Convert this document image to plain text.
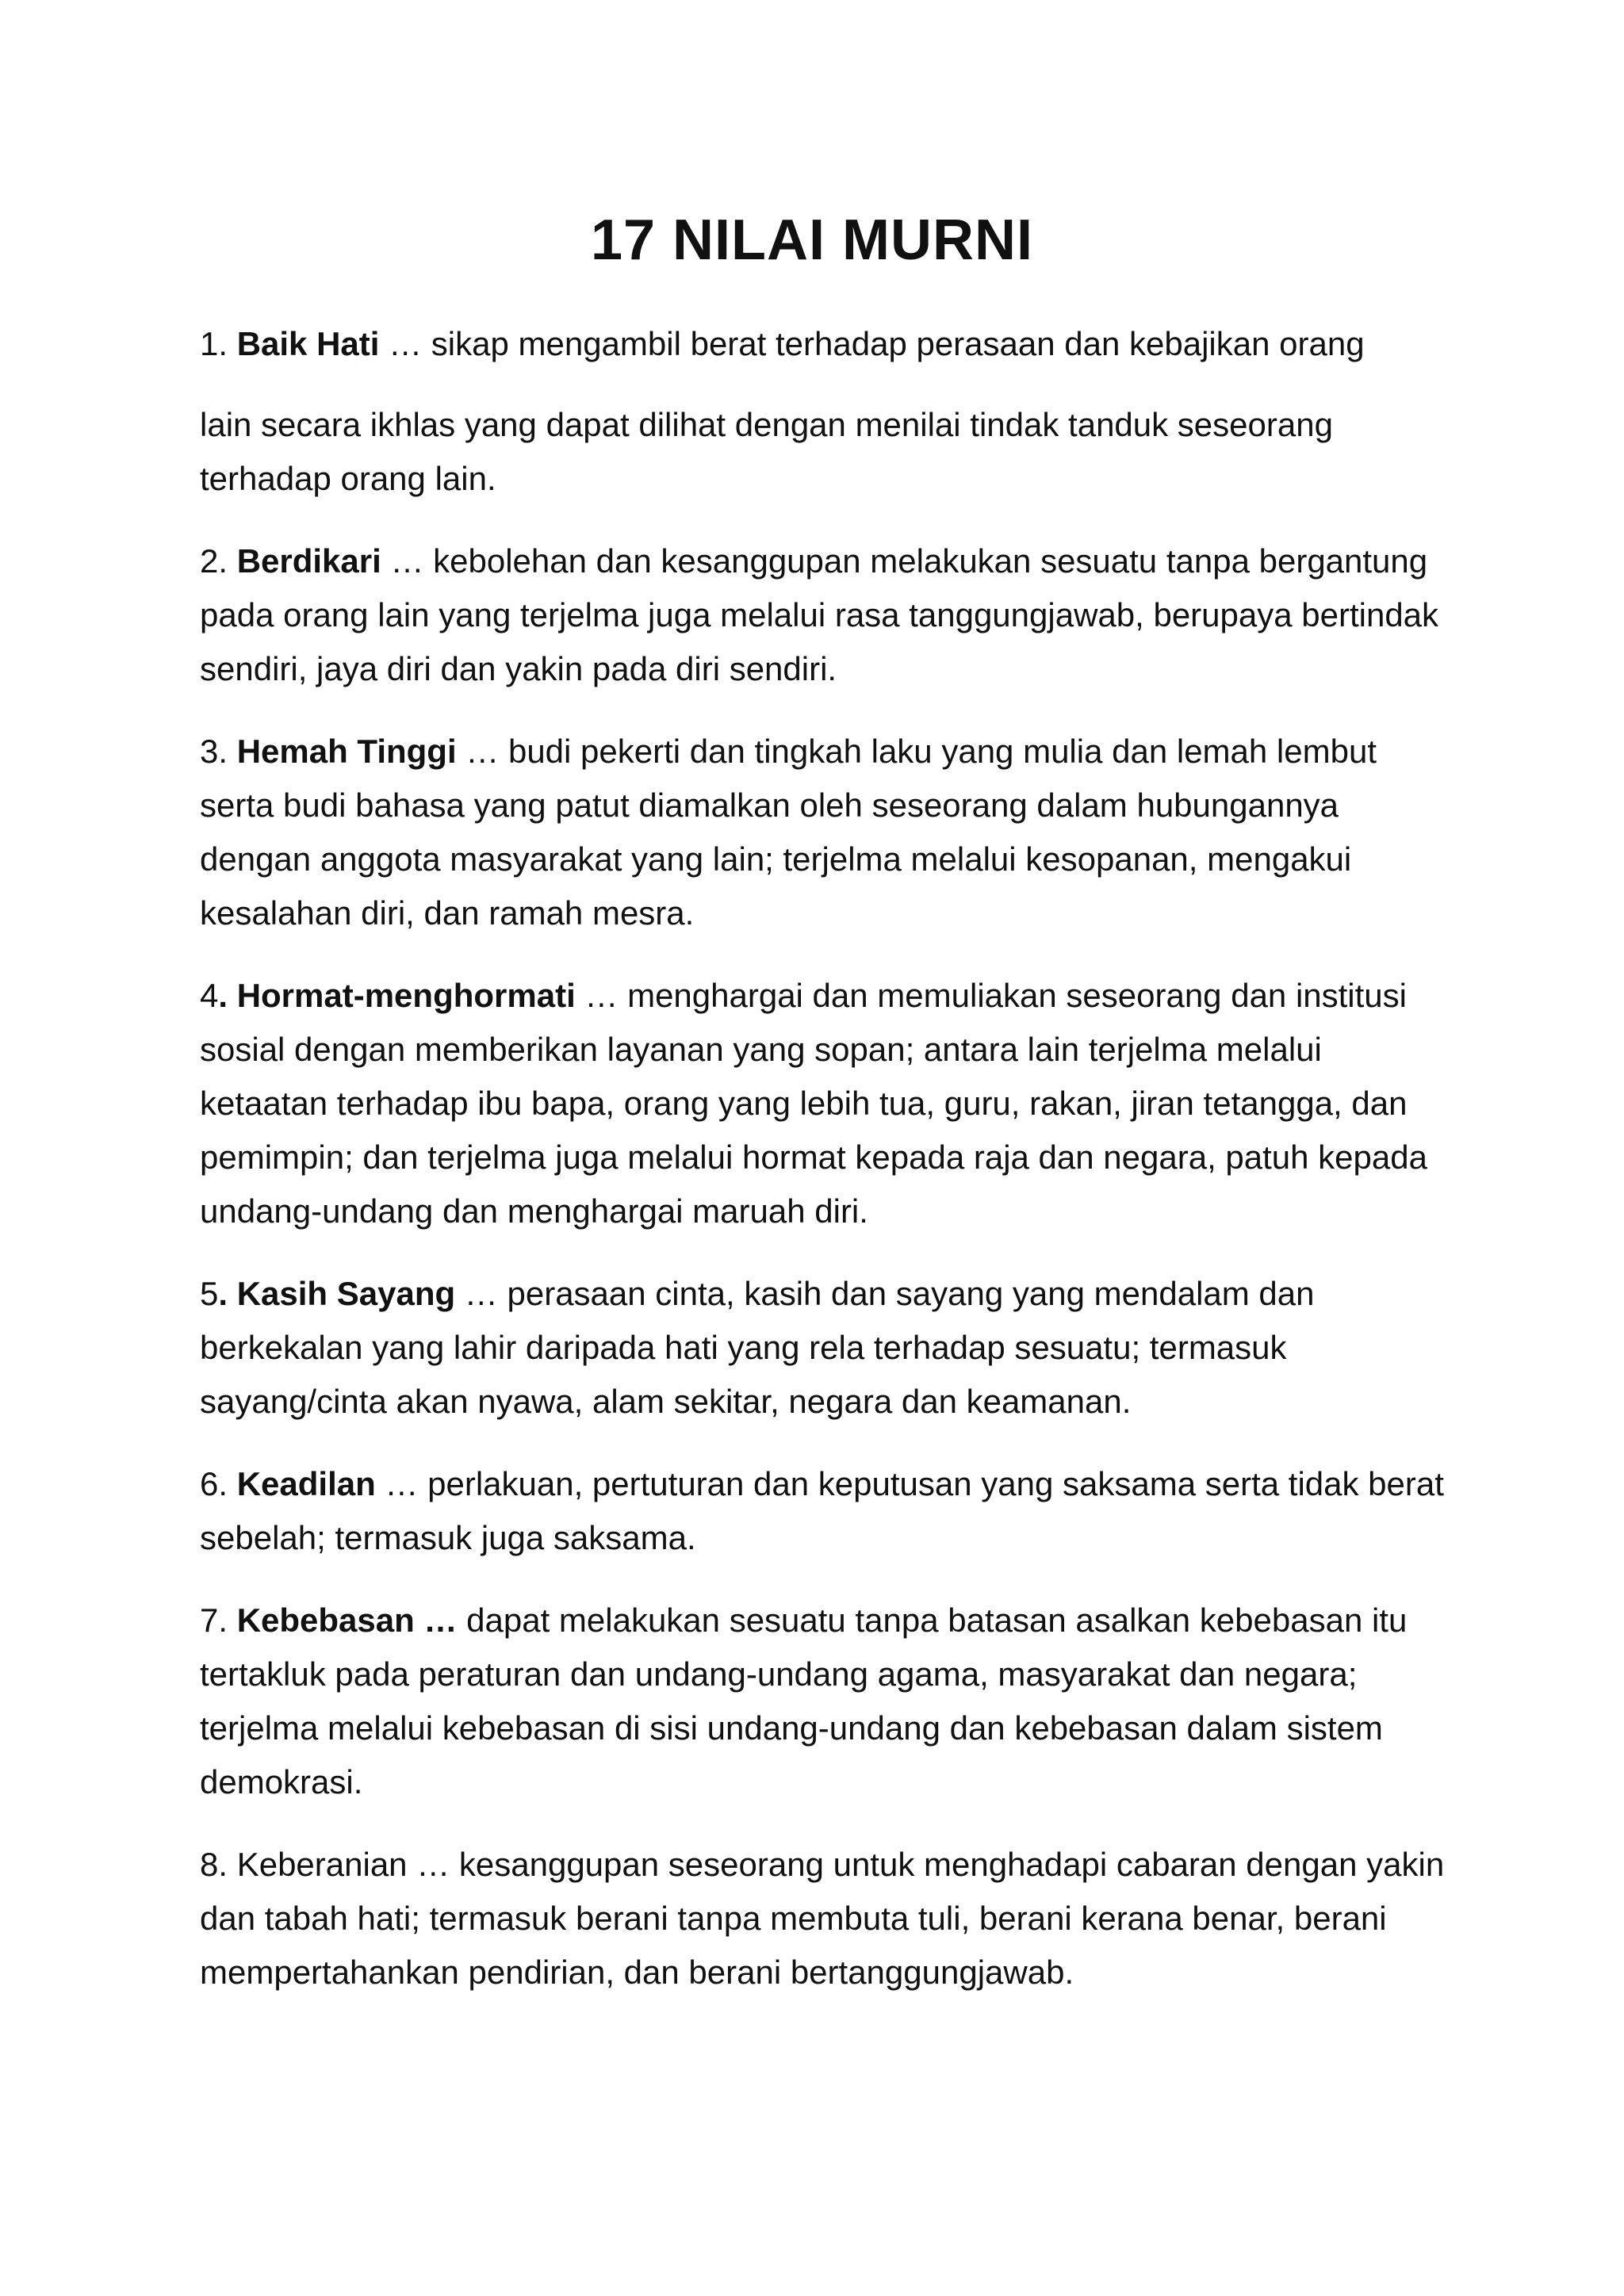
17 NILAI MURNI

1. Baik Hati … sikap mengambil berat terhadap perasaan dan kebajikan orang

lain secara ikhlas yang dapat dilihat dengan menilai tindak tanduk seseorang terhadap orang lain.

2. Berdikari … kebolehan dan kesanggupan melakukan sesuatu tanpa bergantung pada orang lain yang terjelma juga melalui rasa tanggungjawab, berupaya bertindak sendiri, jaya diri dan yakin pada diri sendiri.

3. Hemah Tinggi … budi pekerti dan tingkah laku yang mulia dan lemah lembut serta budi bahasa yang patut diamalkan oleh seseorang dalam hubungannya dengan anggota masyarakat yang lain; terjelma melalui kesopanan, mengakui kesalahan diri, dan ramah mesra.

4. Hormat-menghormati … menghargai dan memuliakan seseorang dan institusi sosial dengan memberikan layanan yang sopan; antara lain terjelma melalui ketaatan terhadap ibu bapa, orang yang lebih tua, guru, rakan, jiran tetangga, dan pemimpin; dan terjelma juga melalui hormat kepada raja dan negara, patuh kepada undang-undang dan menghargai maruah diri.

5. Kasih Sayang … perasaan cinta, kasih dan sayang yang mendalam dan berkekalan yang lahir daripada hati yang rela terhadap sesuatu; termasuk sayang/cinta akan nyawa, alam sekitar, negara dan keamanan.

6. Keadilan … perlakuan, pertuturan dan keputusan yang saksama serta tidak berat sebelah; termasuk juga saksama.

7. Kebebasan … dapat melakukan sesuatu tanpa batasan asalkan kebebasan itu tertakluk pada peraturan dan undang-undang agama, masyarakat dan negara; terjelma melalui kebebasan di sisi undang-undang dan kebebasan dalam sistem demokrasi.

8. Keberanian … kesanggupan seseorang untuk menghadapi cabaran dengan yakin dan tabah hati; termasuk berani tanpa membuta tuli, berani kerana benar, berani mempertahankan pendirian, dan berani bertanggungjawab.
